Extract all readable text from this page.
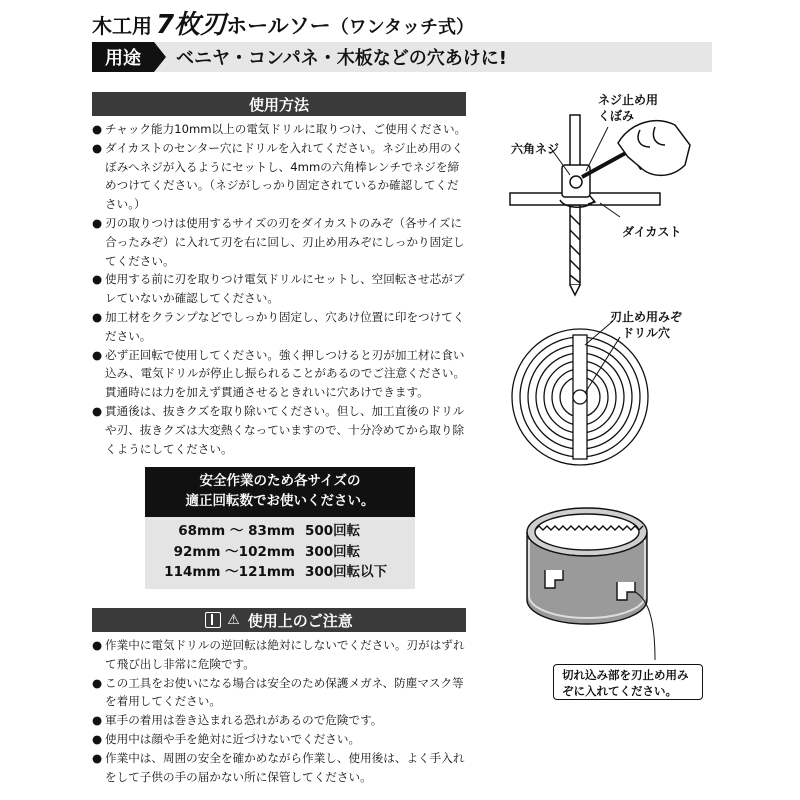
木工用 7枚刃 ホールソー （ワンタッチ式）
用途	ベニヤ・コンパネ・木板などの穴あけに!
使用方法
● チャック能力10mm以上の電気ドリルに取りつけ、ご使用ください。
● ダイカストのセンター穴にドリルを入れてください。ネジ止め用のくぼみへネジが入るようにセットし、4mmの六角棒レンチでネジを締めつけてください。（ネジがしっかり固定されているか確認してください。）
● 刃の取りつけは使用するサイズの刃をダイカストのみぞ（各サイズに合ったみぞ）に入れて刃を右に回し、刃止め用みぞにしっかり固定してください。
● 使用する前に刃を取りつけ電気ドリルにセットし、空回転させ芯がブレていないか確認してください。
● 加工材をクランプなどでしっかり固定し、穴あけ位置に印をつけてください。
● 必ず正回転で使用してください。強く押しつけると刃が加工材に食い込み、電気ドリルが停止し振られることがあるのでご注意ください。貫通時には力を加えず貫通させるときれいに穴あけできます。
● 貫通後は、抜きクズを取り除いてください。但し、加工直後のドリルや刃、抜きクズは大変熱くなっていますので、十分冷めてから取り除くようにしてください。
安全作業のため各サイズの
適正回転数でお使いください。
68mm ～ 83mm 500回転
92mm ～102mm 300回転
114mm ～121mm 300回転以下
⚠ 使用上のご注意
● 作業中に電気ドリルの逆回転は絶対にしないでください。刃がはずれて飛び出し非常に危険です。
● この工具をお使いになる場合は安全のため保護メガネ、防塵マスク等を着用してください。
● 軍手の着用は巻き込まれる恐れがあるので危険です。
● 使用中は顔や手を絶対に近づけないでください。
● 作業中は、周囲の安全を確かめながら作業し、使用後は、よく手入れをして子供の手の届かない所に保管してください。
ネジ止め用
くぼみ
六角ネジ
ダイカスト
刃止め用みぞ
ドリル穴
切れ込み部を刃止め用みぞに入れてください。
